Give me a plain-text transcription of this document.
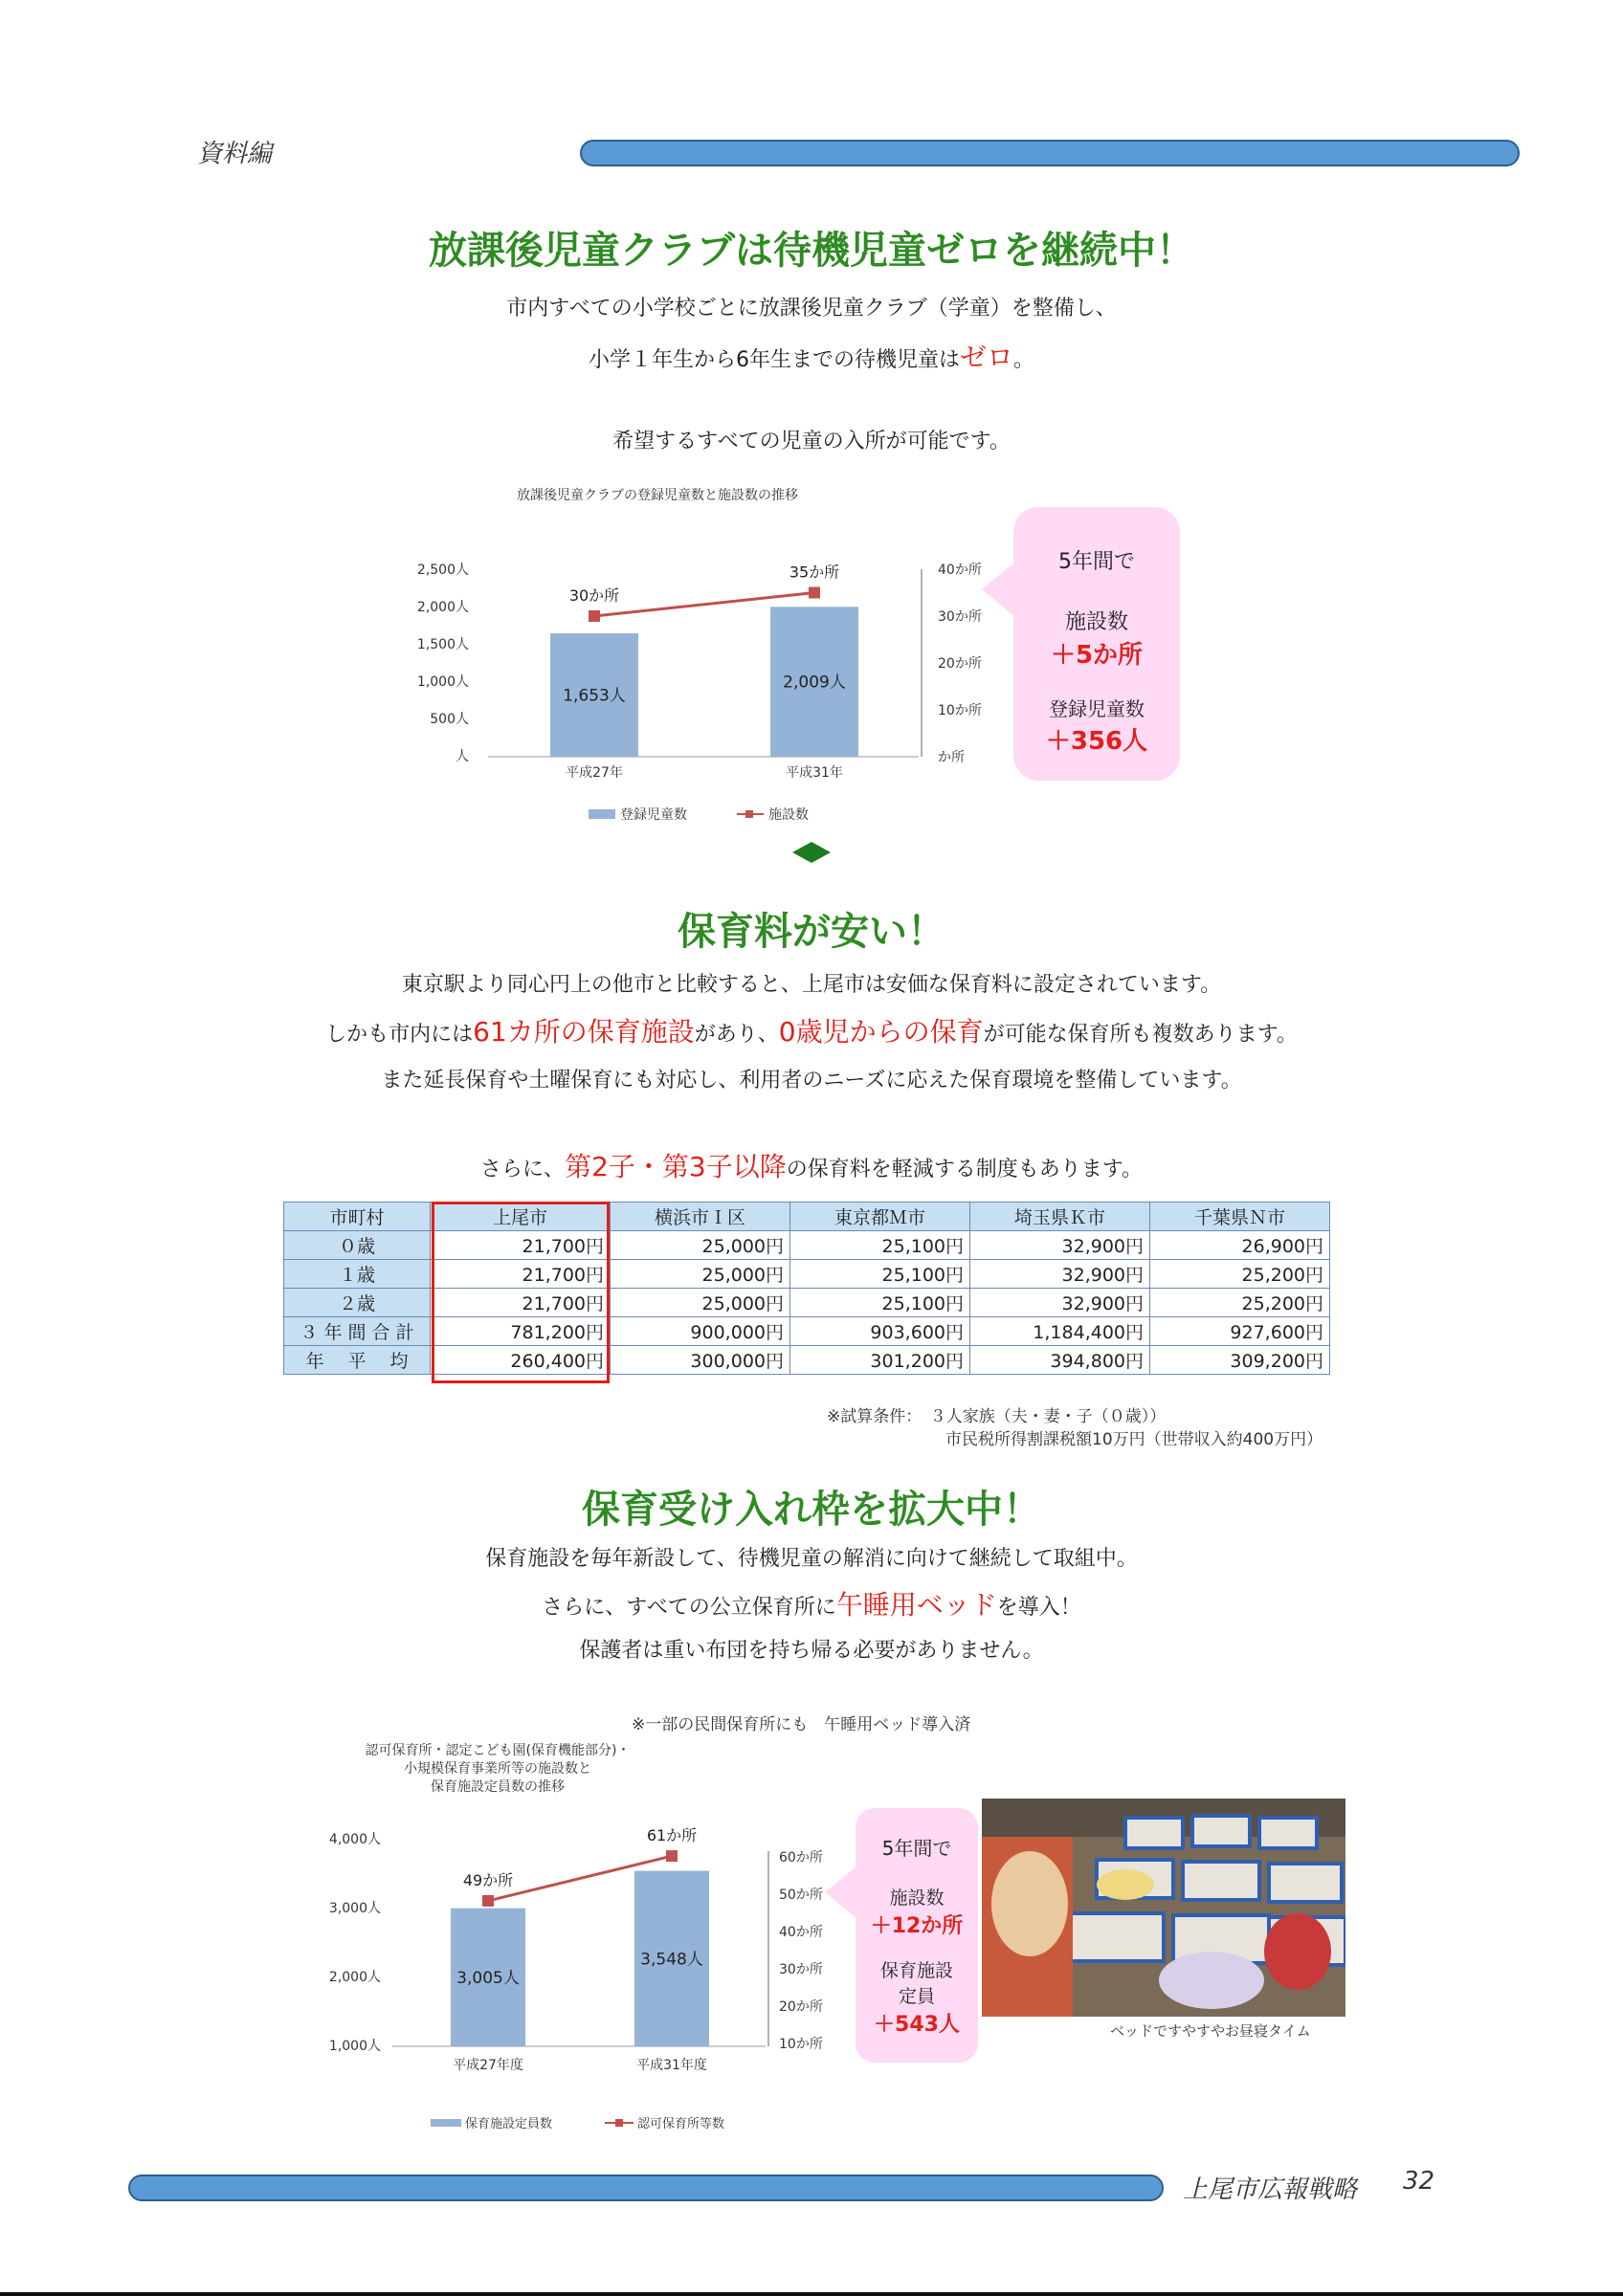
資料編
放課後児童クラブは待機児童ゼロを継続中！
市内すべての小学校ごとに放課後児童クラブ（学童）を整備し、
小学１年生から6年生までの待機児童はゼロ。
希望するすべての児童の入所が可能です。
放課後児童クラブの登録児童数と施設数の推移
2,500人
2,000人
1,500人
1,000人
500人
人
40か所
30か所
20か所
10か所
か所
1,653人
2,009人
30か所
35か所
平成27年	平成31年
登録児童数	施設数
5年間で
施設数
＋5か所
登録児童数
＋356人
保育料が安い！
東京駅より同心円上の他市と比較すると、上尾市は安価な保育料に設定されています。
しかも市内には61カ所の保育施設があり、0歳児からの保育が可能な保育所も複数あります。
また延長保育や土曜保育にも対応し、利用者のニーズに応えた保育環境を整備しています。
さらに、第2子・第3子以降の保育料を軽減する制度もあります。
市町村	上尾市	横浜市Ｉ区	東京都Ｍ市	埼玉県Ｋ市	千葉県Ｎ市
０歳	21,700円	25,000円	25,100円	32,900円	26,900円
１歳	21,700円	25,000円	25,100円	32,900円	25,200円
２歳	21,700円	25,000円	25,100円	32,900円	25,200円
３ 年 間 合 計	781,200円	900,000円	903,600円	1,184,400円	927,600円
年　 平　 均	260,400円	300,000円	301,200円	394,800円	309,200円
※試算条件：　３人家族（夫・妻・子（０歳））
市民税所得割課税額10万円（世帯収入約400万円）
保育受け入れ枠を拡大中！
保育施設を毎年新設して、待機児童の解消に向けて継続して取組中。
さらに、すべての公立保育所に午睡用ベッドを導入！
保護者は重い布団を持ち帰る必要がありません。
※一部の民間保育所にも　午睡用ベッド導入済
認可保育所・認定こども園(保育機能部分)・
小規模保育事業所等の施設数と
保育施設定員数の推移
4,000人
3,000人
2,000人
1,000人
60か所
50か所
40か所
30か所
20か所
10か所
3,005人
3,548人
49か所
61か所
平成27年度	平成31年度
保育施設定員数	認可保育所等数
5年間で
施設数
＋12か所
保育施設
定員
＋543人	ベッドですやすやお昼寝タイム
上尾市広報戦略 32
